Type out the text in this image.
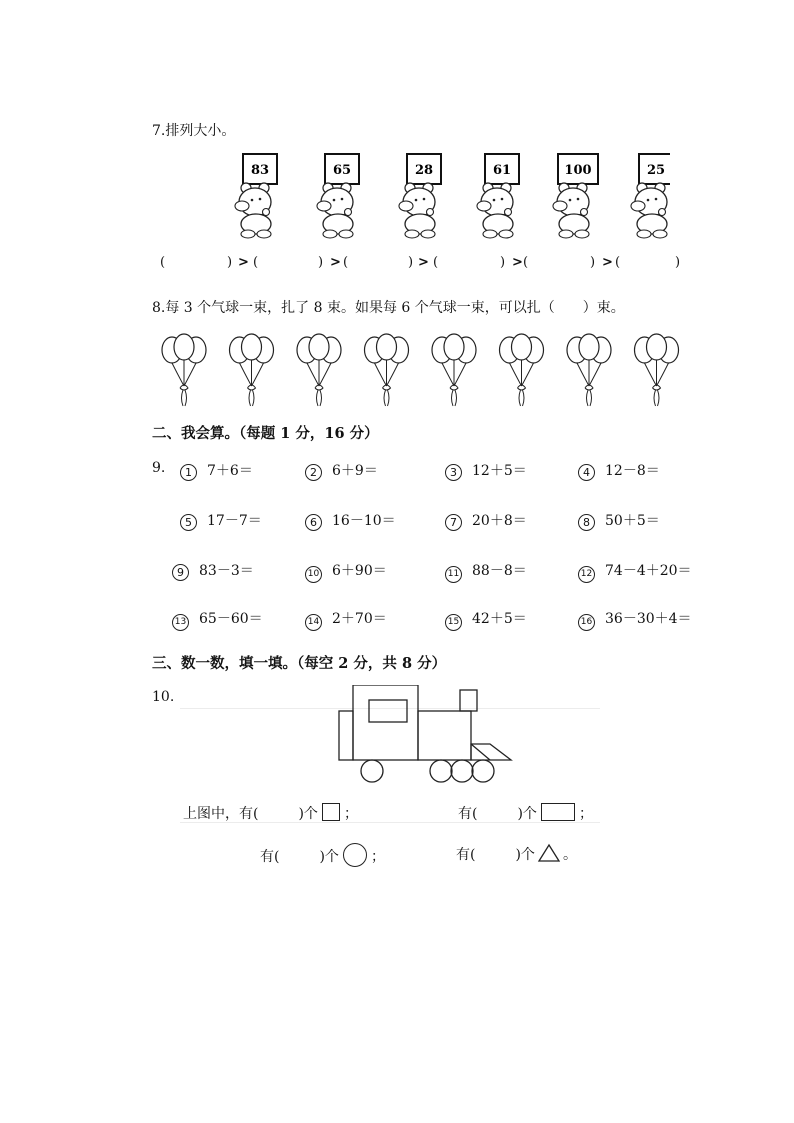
7.排列大小。
83	65	28	61	100	25
(	) > (	) > (	) > (	) > (	) > (	)
8.每 3 个气球一束，扎了 8 束。如果每 6 个气球一束，可以扎（　　）束。
二、我会算。（每题 1 分，16 分）
9.	1 7＋6＝	2 6＋9＝	3 12＋5＝	4 12－8＝
5 17－7＝	6 16－10＝	7 20＋8＝	8 50＋5＝
9 83－3＝	10 6＋90＝	11 88－8＝	12 74－4＋20＝
13 65－60＝	14 2＋70＝	15 42＋5＝	16 36－30＋4＝
三、数一数，填一填。（每空 2 分，共 8 分）
10.
上图中，有(	)个 ；	有(	)个	；
有(	)个 ；	有(	)个 。
